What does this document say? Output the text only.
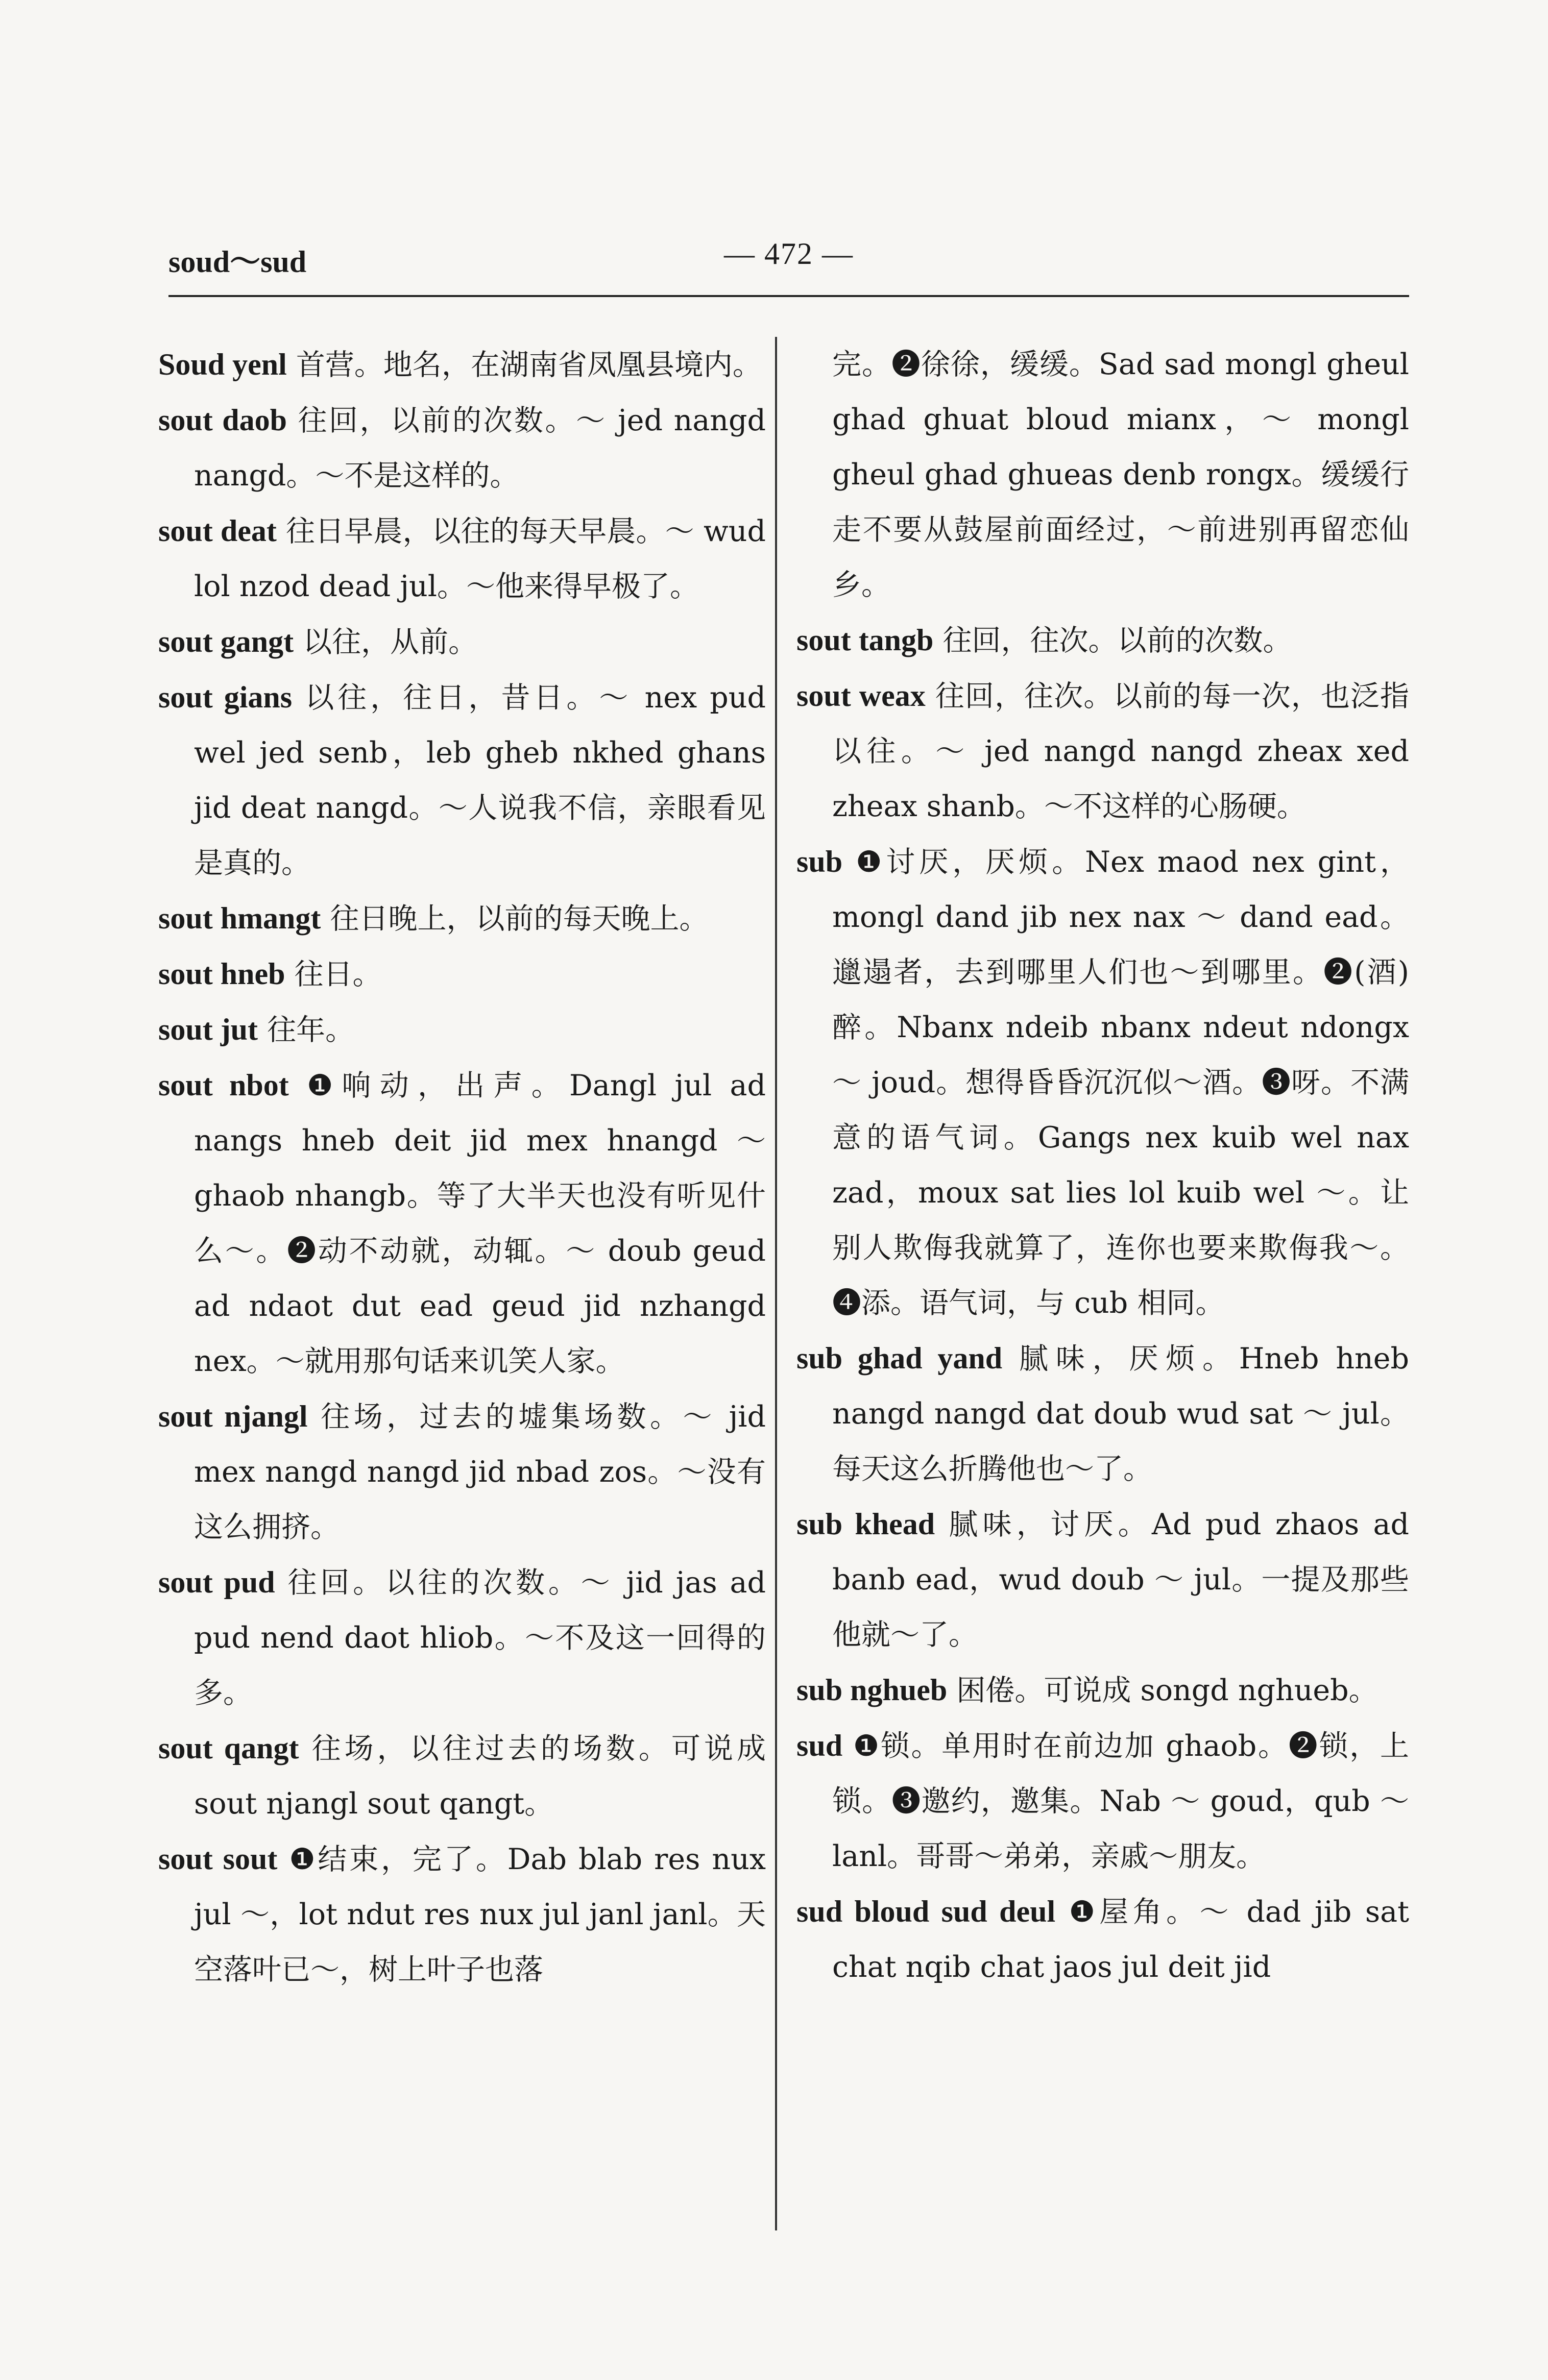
soud～sud	— 472 —

Soud yenl 首营。地名，在湖南省凤凰县境内。

sout daob 往回，以前的次数。～ jed nangd nangd。～不是这样的。

sout deat 往日早晨，以往的每天早晨。～ wud lol nzod dead jul。～他来得早极了。

sout gangt 以往，从前。

sout gians 以往，往日，昔日。～ nex pud wel jed senb，leb gheb nkhed ghans jid deat nangd。～人说我不信，亲眼看见是真的。

sout hmangt 往日晚上，以前的每天晚上。

sout hneb 往日。

sout jut 往年。

sout nbot ❶响动，出声。Dangl jul ad nangs hneb deit jid mex hnangd ～ ghaob nhangb。等了大半天也没有听见什么～。❷动不动就，动辄。～ doub geud ad ndaot dut ead geud jid nzhangd nex。～就用那句话来讥笑人家。

sout njangl 往场，过去的墟集场数。～ jid mex nangd nangd jid nbad zos。～没有这么拥挤。

sout pud 往回。以往的次数。～ jid jas ad pud nend daot hliob。～不及这一回得的多。

sout qangt 往场，以往过去的场数。可说成 sout njangl sout qangt。

sout sout ❶结束，完了。Dab blab res nux jul ～，lot ndut res nux jul janl janl。天空落叶已～，树上叶子也落

完。❷徐徐，缓缓。Sad sad mongl gheul ghad ghuat bloud mianx，～ mongl gheul ghad ghueas denb rongx。缓缓行走不要从鼓屋前面经过，～前进别再留恋仙乡。

sout tangb 往回，往次。以前的次数。

sout weax 往回，往次。以前的每一次，也泛指以往。～ jed nangd nangd zheax xed zheax shanb。～不这样的心肠硬。

sub ❶讨厌，厌烦。Nex maod nex gint，mongl dand jib nex nax ～ dand ead。邋遢者，去到哪里人们也～到哪里。❷(酒)醉。Nbanx ndeib nbanx ndeut ndongx ～ joud。想得昏昏沉沉似～酒。❸呀。不满意的语气词。Gangs nex kuib wel nax zad，moux sat lies lol kuib wel ～。让别人欺侮我就算了，连你也要来欺侮我～。❹添。语气词，与 cub 相同。

sub ghad yand 腻味，厌烦。Hneb hneb nangd nangd dat doub wud sat ～ jul。每天这么折腾他也～了。

sub khead 腻味，讨厌。Ad pud zhaos ad banb ead，wud doub ～ jul。一提及那些他就～了。

sub nghueb 困倦。可说成 songd nghueb。

sud ❶锁。单用时在前边加 ghaob。❷锁，上锁。❸邀约，邀集。Nab ～ goud，qub ～ lanl。哥哥～弟弟，亲戚～朋友。

sud bloud sud deul ❶屋角。～ dad jib sat chat nqib chat jaos jul deit jid
